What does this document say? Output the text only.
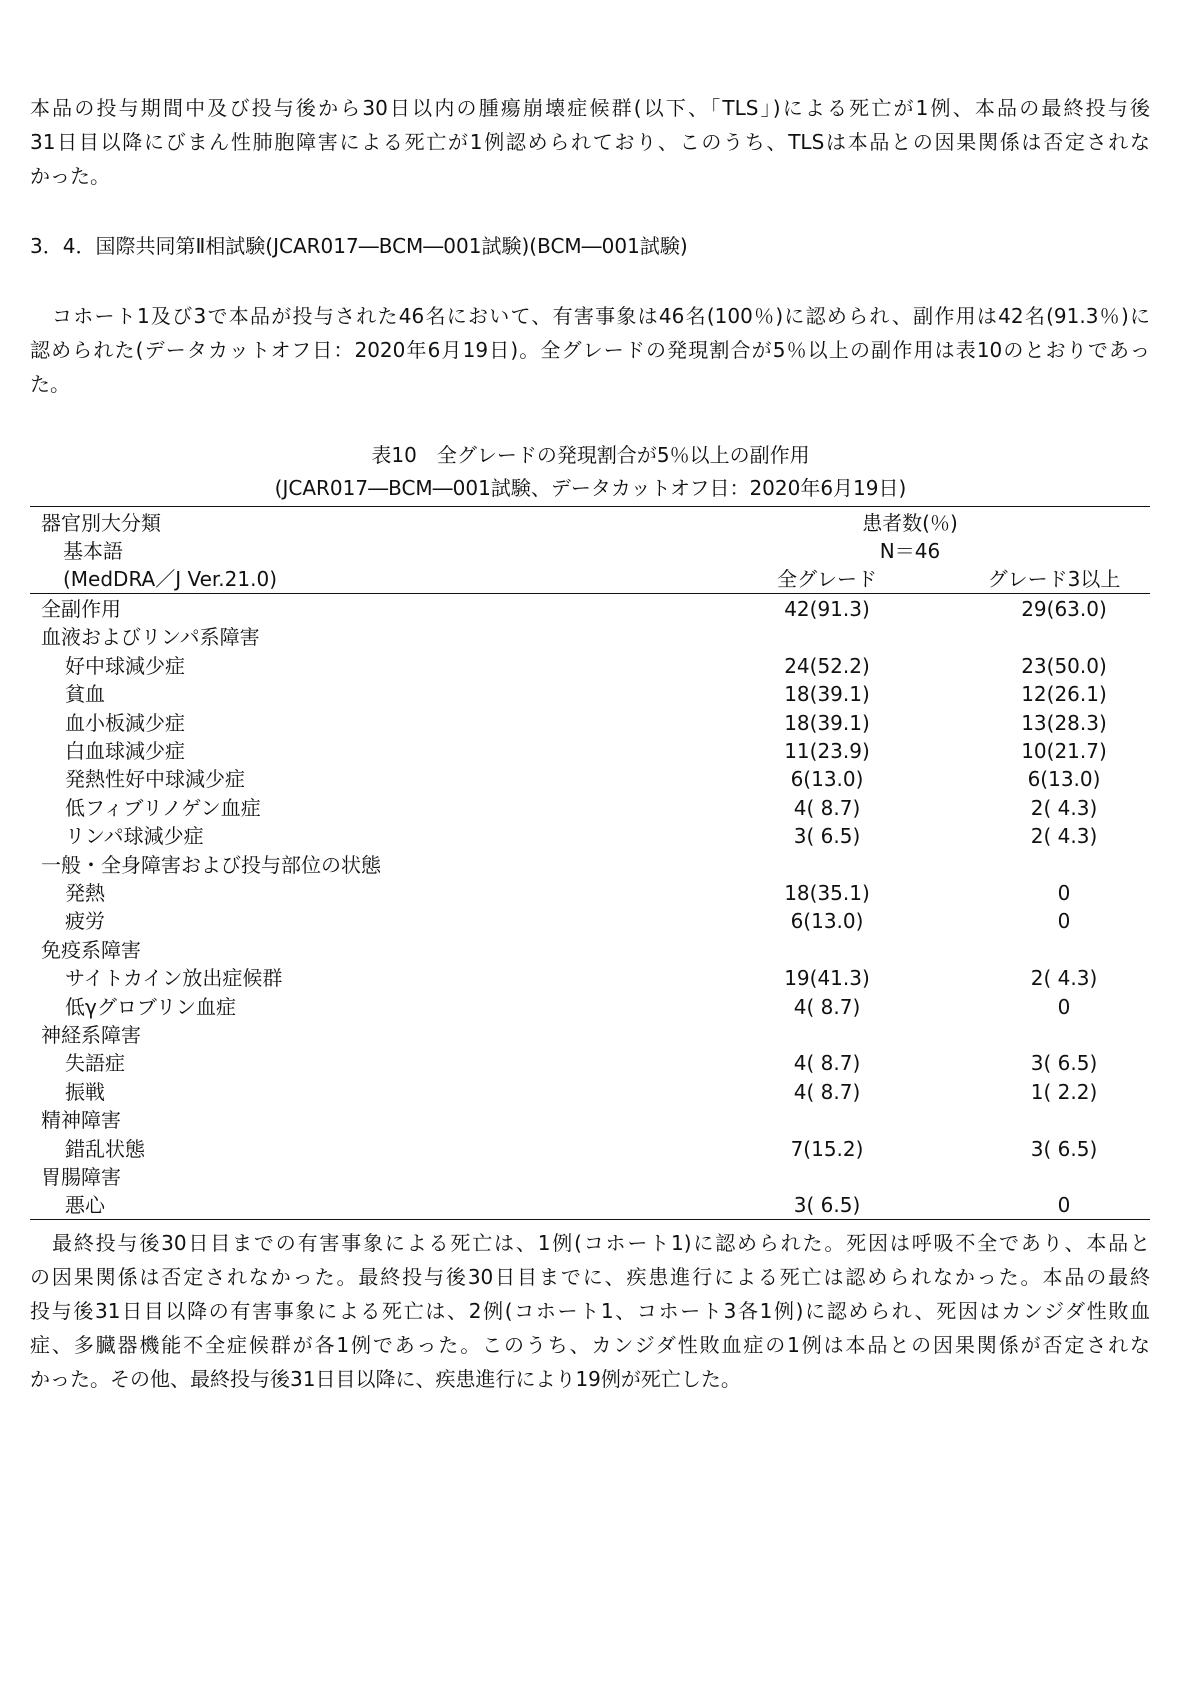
本品の投与期間中及び投与後から30日以内の腫瘍崩壊症候群(以下、「TLS」)による死亡が1例、本品の最終投与後
31日目以降にびまん性肺胞障害による死亡が1例認められており、このうち、TLSは本品との因果関係は否定されな
かった。
3．4．国際共同第Ⅱ相試験(JCAR017―BCM―001試験)(BCM―001試験)
コホート1及び3で本品が投与された46名において、有害事象は46名(100％)に認められ、副作用は42名(91.3％)に
認められた(データカットオフ日：2020年6月19日)。全グレードの発現割合が5％以上の副作用は表10のとおりであっ
た。
表10　全グレードの発現割合が5％以上の副作用
(JCAR017―BCM―001試験、データカットオフ日：2020年6月19日)
器官別大分類
基本語
(MedDRA／J Ver.21.0)
患者数(％)
N＝46
全グレード	グレード3以上
全副作用	42(91.3)	29(63.0)
血液およびリンパ系障害
好中球減少症	24(52.2)	23(50.0)
貧血	18(39.1)	12(26.1)
血小板減少症	18(39.1)	13(28.3)
白血球減少症	11(23.9)	10(21.7)
発熱性好中球減少症	6(13.0)	6(13.0)
低フィブリノゲン血症	4( 8.7)	2( 4.3)
リンパ球減少症	3( 6.5)	2( 4.3)
一般・全身障害および投与部位の状態
発熱	18(35.1)	0
疲労	6(13.0)	0
免疫系障害
サイトカイン放出症候群	19(41.3)	2( 4.3)
低γグロブリン血症	4( 8.7)	0
神経系障害
失語症	4( 8.7)	3( 6.5)
振戦	4( 8.7)	1( 2.2)
精神障害
錯乱状態	7(15.2)	3( 6.5)
胃腸障害
悪心	3( 6.5)	0
最終投与後30日目までの有害事象による死亡は、1例(コホート1)に認められた。死因は呼吸不全であり、本品と
の因果関係は否定されなかった。最終投与後30日目までに、疾患進行による死亡は認められなかった。本品の最終
投与後31日目以降の有害事象による死亡は、2例(コホート1、コホート3各1例)に認められ、死因はカンジダ性敗血
症、多臓器機能不全症候群が各1例であった。このうち、カンジダ性敗血症の1例は本品との因果関係が否定されな
かった。その他、最終投与後31日目以降に、疾患進行により19例が死亡した。
